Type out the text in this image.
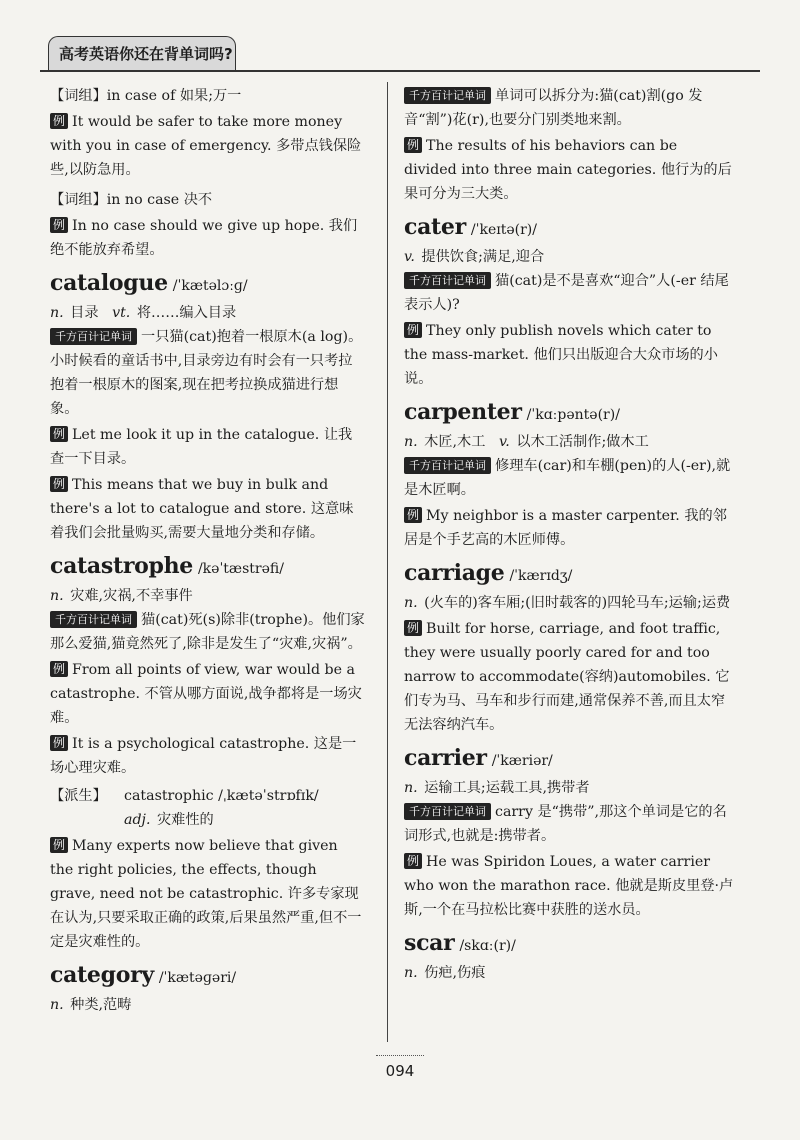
高考英语你还在背单词吗?

【词组】in case of 如果;万一

例 It would be safer to take more money with you in case of emergency. 多带点钱保险些,以防急用。

【词组】in no case 决不

例 In no case should we give up hope. 我们绝不能放弃希望。

catalogue /ˈkætəlɔːɡ/

n. 目录 vt. 将……编入目录

千方百计记单词 一只猫(cat)抱着一根原木(a log)。小时候看的童话书中,目录旁边有时会有一只考拉抱着一根原木的图案,现在把考拉换成猫进行想象。

例 Let me look it up in the catalogue. 让我查一下目录。

例 This means that we buy in bulk and there's a lot to catalogue and store. 这意味着我们会批量购买,需要大量地分类和存储。

catastrophe /kəˈtæstrəfi/

n. 灾难,灾祸,不幸事件

千方百计记单词 猫(cat)死(s)除非(trophe)。他们家那么爱猫,猫竟然死了,除非是发生了“灾难,灾祸”。

例 From all points of view, war would be a catastrophe. 不管从哪方面说,战争都将是一场灾难。

例 It is a psychological catastrophe. 这是一场心理灾难。

【派生】 catastrophic /ˌkætəˈstrɒfɪk/

adj. 灾难性的

例 Many experts now believe that given the right policies, the effects, though grave, need not be catastrophic. 许多专家现在认为,只要采取正确的政策,后果虽然严重,但不一定是灾难性的。

category /ˈkætəɡəri/

n. 种类,范畴

千方百计记单词 单词可以拆分为:猫(cat)割(go 发音“割”)花(r),也要分门别类地来割。

例 The results of his behaviors can be divided into three main categories. 他行为的后果可分为三大类。

cater /ˈkeɪtə(r)/

v. 提供饮食;满足,迎合

千方百计记单词 猫(cat)是不是喜欢“迎合”人(-er 结尾表示人)?

例 They only publish novels which cater to the mass-market. 他们只出版迎合大众市场的小说。

carpenter /ˈkɑːpəntə(r)/

n. 木匠,木工 v. 以木工活制作;做木工

千方百计记单词 修理车(car)和车棚(pen)的人(-er),就是木匠啊。

例 My neighbor is a master carpenter. 我的邻居是个手艺高的木匠师傅。

carriage /ˈkærɪdʒ/

n. (火车的)客车厢;(旧时载客的)四轮马车;运输;运费

例 Built for horse, carriage, and foot traffic, they were usually poorly cared for and too narrow to accommodate(容纳)automobiles. 它们专为马、马车和步行而建,通常保养不善,而且太窄无法容纳汽车。

carrier /ˈkæriər/

n. 运输工具;运载工具,携带者

千方百计记单词 carry 是“携带”,那这个单词是它的名词形式,也就是:携带者。

例 He was Spiridon Loues, a water carrier who won the marathon race. 他就是斯皮里登·卢斯,一个在马拉松比赛中获胜的送水员。

scar /skɑː(r)/

n. 伤疤,伤痕

094
